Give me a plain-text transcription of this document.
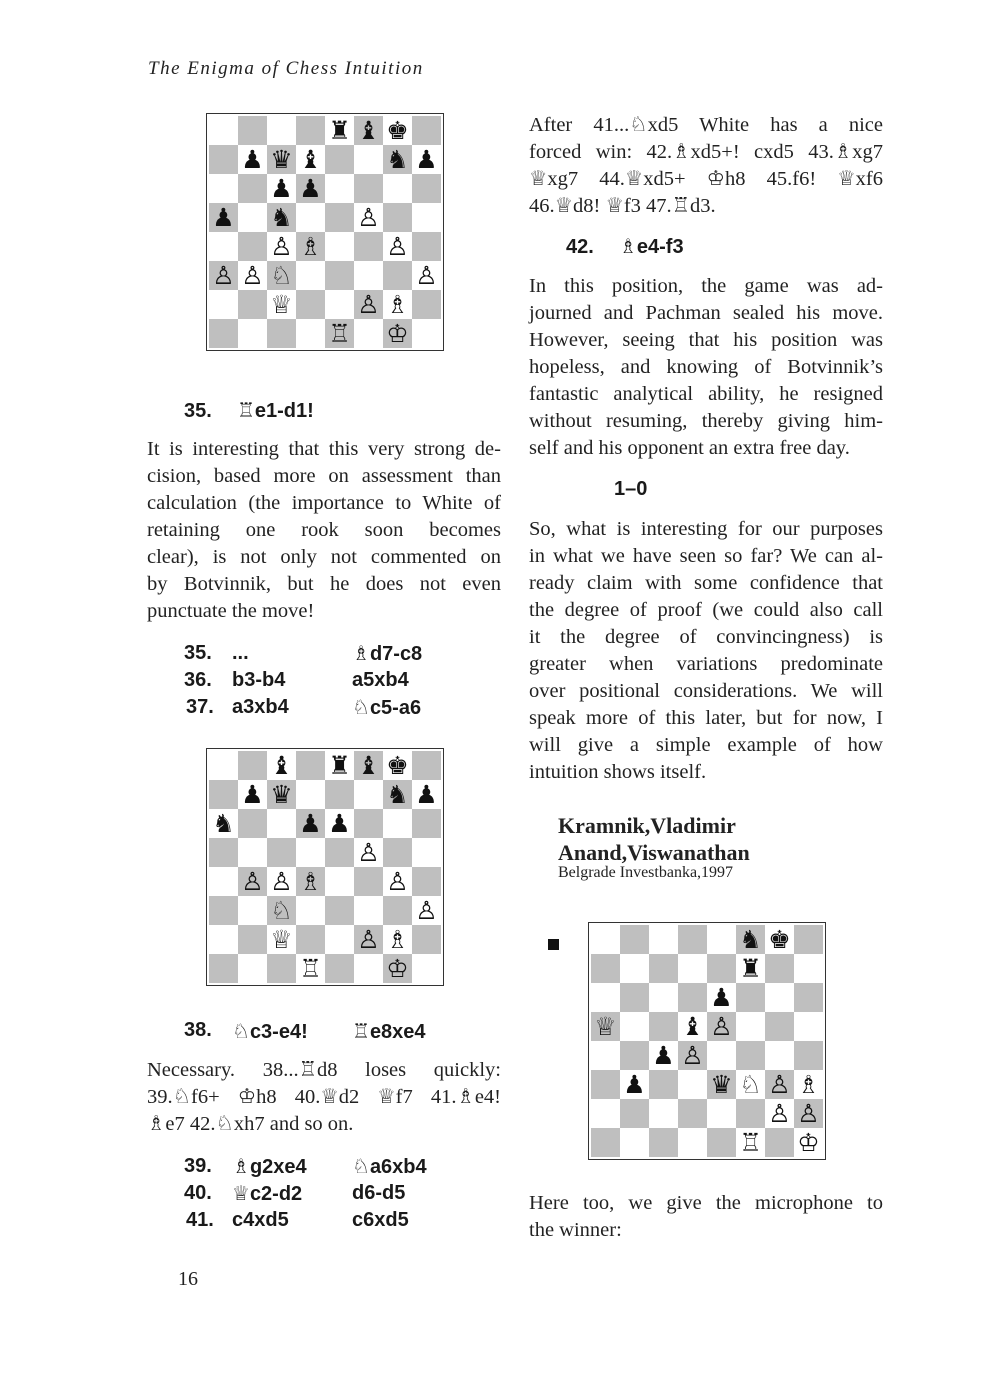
The Enigma of Chess Intuition
♜ ♝ ♚
♟ ♛ ♝	♞ ♟
♟ ♟
♟ ♞	♙
♙ ♗	♙
♙ ♙ ♘	♙
♕	♙ ♗
♖ ♔
35. ♖e1-d1!
It is interesting that this very strong de-
cision, based more on assessment than
calculation (the importance to White of
retaining one rook soon becomes
clear), is not only not commented on
by Botvinnik, but he does not even
punctuate the move!
35. ...	♗d7-c8
36. b3-b4	a5xb4
37. a3xb4	♘c5-a6
♝ ♜ ♝ ♚
♟ ♛	♞ ♟
♞	♟ ♟
♙
♙ ♙ ♗	♙
♘	♙
♕	♙ ♗
♖	♔
38. ♘c3-e4! ♖e8xe4
Necessary. 38...♖d8 loses quickly:
39.♘f6+ ♔h8 40.♕d2 ♕f7 41.♗e4!
♗e7 42.♘xh7 and so on.
39. ♗g2xe4 ♘a6xb4
40. ♕c2-d2 d6-d5
41. c4xd5	c6xd5
16
After 41...♘xd5 White has a nice
forced win: 42.♗xd5+! cxd5 43.♗xg7
♕xg7 44.♕xd5+ ♔h8 45.f6! ♕xf6
46.♕d8! ♕f3 47.♖d3.
42. ♗e4-f3
In this position, the game was ad-
journed and Pachman sealed his move.
However, seeing that his position was
hopeless, and knowing of Botvinnik’s
fantastic analytical ability, he resigned
without resuming, thereby giving him-
self and his opponent an extra free day.
1–0
So, what is interesting for our purposes
in what we have seen so far? We can al-
ready claim with some confidence that
the degree of proof (we could also call
it the degree of convincingness) is
greater when variations predominate
over positional considerations. We will
speak more of this later, but for now, I
will give a simple example of how
intuition shows itself.
Kramnik,Vladimir
Anand,Viswanathan
Belgrade Investbanka,1997
♞ ♚
♜
♟
♕	♝ ♙
♟ ♙
♟	♛ ♘ ♙ ♗
♙ ♙
♖ ♔
Here too, we give the microphone to
the winner:
